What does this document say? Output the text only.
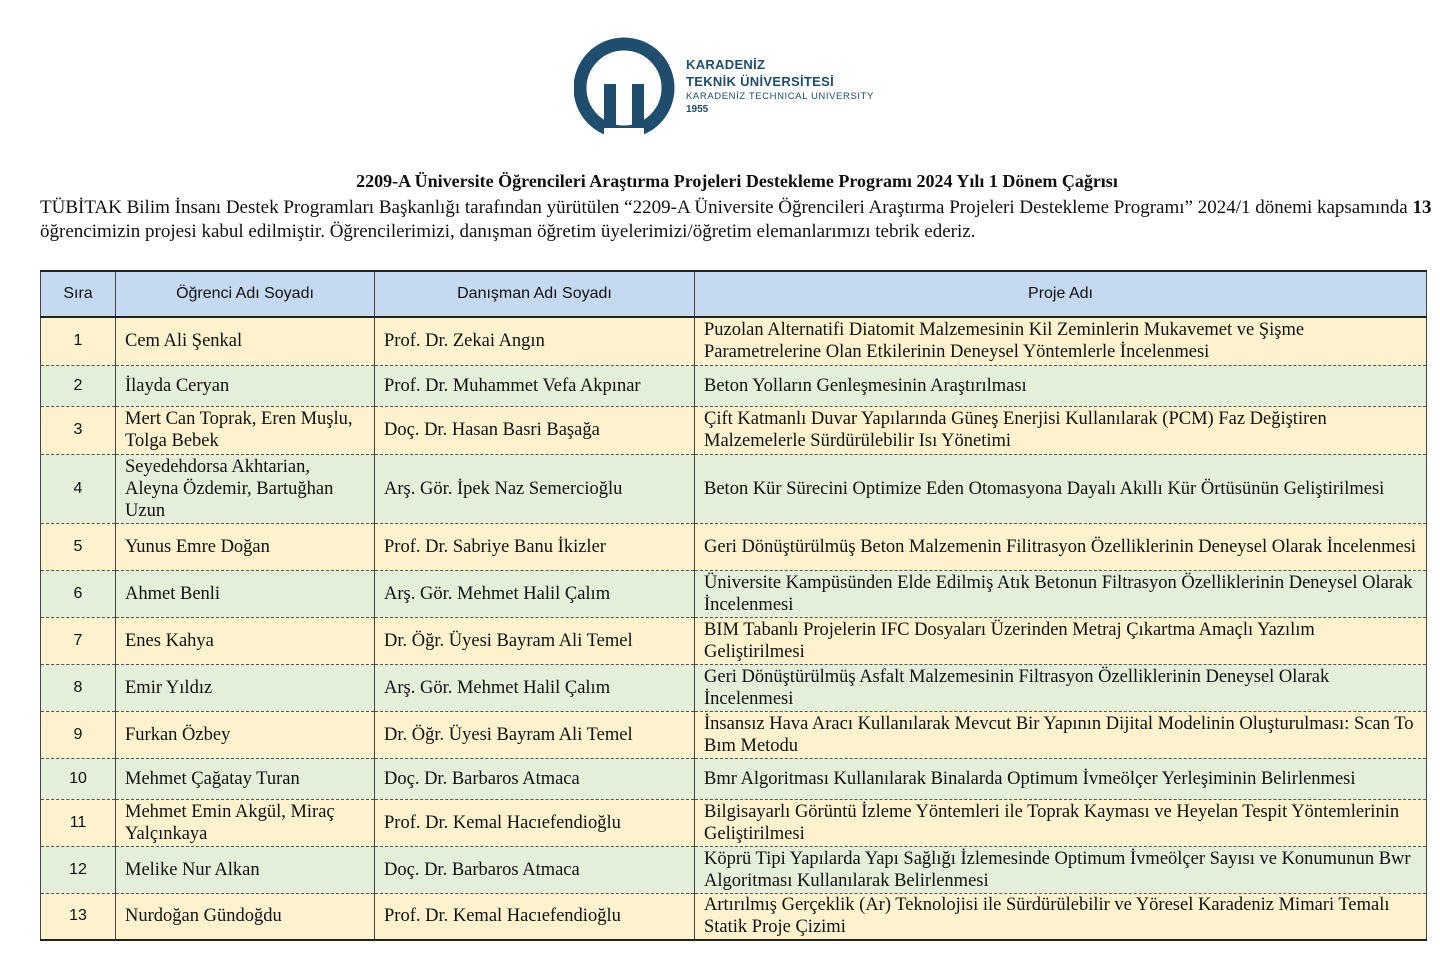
KARADENİZ
TEKNİK ÜNİVERSİTESİ
KARADENİZ TECHNICAL UNIVERSITY
1955
2209-A Üniversite Öğrencileri Araştırma Projeleri Destekleme Programı 2024 Yılı 1 Dönem Çağrısı
TÜBİTAK Bilim İnsanı Destek Programları Başkanlığı tarafından yürütülen “2209-A Üniversite Öğrencileri Araştırma Projeleri Destekleme Programı” 2024/1 dönemi kapsamında 13 öğrencimizin projesi kabul edilmiştir. Öğrencilerimizi, danışman öğretim üyelerimizi/öğretim elemanlarımızı tebrik ederiz.
Sıra	Öğrenci Adı Soyadı	Danışman Adı Soyadı	Proje Adı
1	Cem Ali Şenkal	Prof. Dr. Zekai Angın	Puzolan Alternatifi Diatomit Malzemesinin Kil Zeminlerin Mukavemet ve Şişme Parametrelerine Olan Etkilerinin Deneysel Yöntemlerle İncelenmesi
2	İlayda Ceryan	Prof. Dr. Muhammet Vefa Akpınar	Beton Yolların Genleşmesinin Araştırılması
3	Mert Can Toprak, Eren Muşlu, Tolga Bebek	Doç. Dr. Hasan Basri Başağa	Çift Katmanlı Duvar Yapılarında Güneş Enerjisi Kullanılarak (PCM) Faz Değiştiren Malzemelerle Sürdürülebilir Isı Yönetimi
4	Seyedehdorsa Akhtarian, Aleyna Özdemir, Bartuğhan Uzun	Arş. Gör. İpek Naz Semercioğlu	Beton Kür Sürecini Optimize Eden Otomasyona Dayalı Akıllı Kür Örtüsünün Geliştirilmesi
5	Yunus Emre Doğan	Prof. Dr. Sabriye Banu İkizler	Geri Dönüştürülmüş Beton Malzemenin Filitrasyon Özelliklerinin Deneysel Olarak İncelenmesi
6	Ahmet Benli	Arş. Gör. Mehmet Halil Çalım	Üniversite Kampüsünden Elde Edilmiş Atık Betonun Filtrasyon Özelliklerinin Deneysel Olarak İncelenmesi
7	Enes Kahya	Dr. Öğr. Üyesi Bayram Ali Temel	BIM Tabanlı Projelerin IFC Dosyaları Üzerinden Metraj Çıkartma Amaçlı Yazılım Geliştirilmesi
8	Emir Yıldız	Arş. Gör. Mehmet Halil Çalım	Geri Dönüştürülmüş Asfalt Malzemesinin Filtrasyon Özelliklerinin Deneysel Olarak İncelenmesi
9	Furkan Özbey	Dr. Öğr. Üyesi Bayram Ali Temel	İnsansız Hava Aracı Kullanılarak Mevcut Bir Yapının Dijital Modelinin Oluşturulması: Scan To Bım Metodu
10	Mehmet Çağatay Turan	Doç. Dr. Barbaros Atmaca	Bmr Algoritması Kullanılarak Binalarda Optimum İvmeölçer Yerleşiminin Belirlenmesi
11	Mehmet Emin Akgül, Miraç Yalçınkaya	Prof. Dr. Kemal Hacıefendioğlu	Bilgisayarlı Görüntü İzleme Yöntemleri ile Toprak Kayması ve Heyelan Tespit Yöntemlerinin Geliştirilmesi
12	Melike Nur Alkan	Doç. Dr. Barbaros Atmaca	Köprü Tipi Yapılarda Yapı Sağlığı İzlemesinde Optimum İvmeölçer Sayısı ve Konumunun Bwr Algoritması Kullanılarak Belirlenmesi
13	Nurdoğan Gündoğdu	Prof. Dr. Kemal Hacıefendioğlu	Artırılmış Gerçeklik (Ar) Teknolojisi ile Sürdürülebilir ve Yöresel Karadeniz Mimari Temalı Statik Proje Çizimi
